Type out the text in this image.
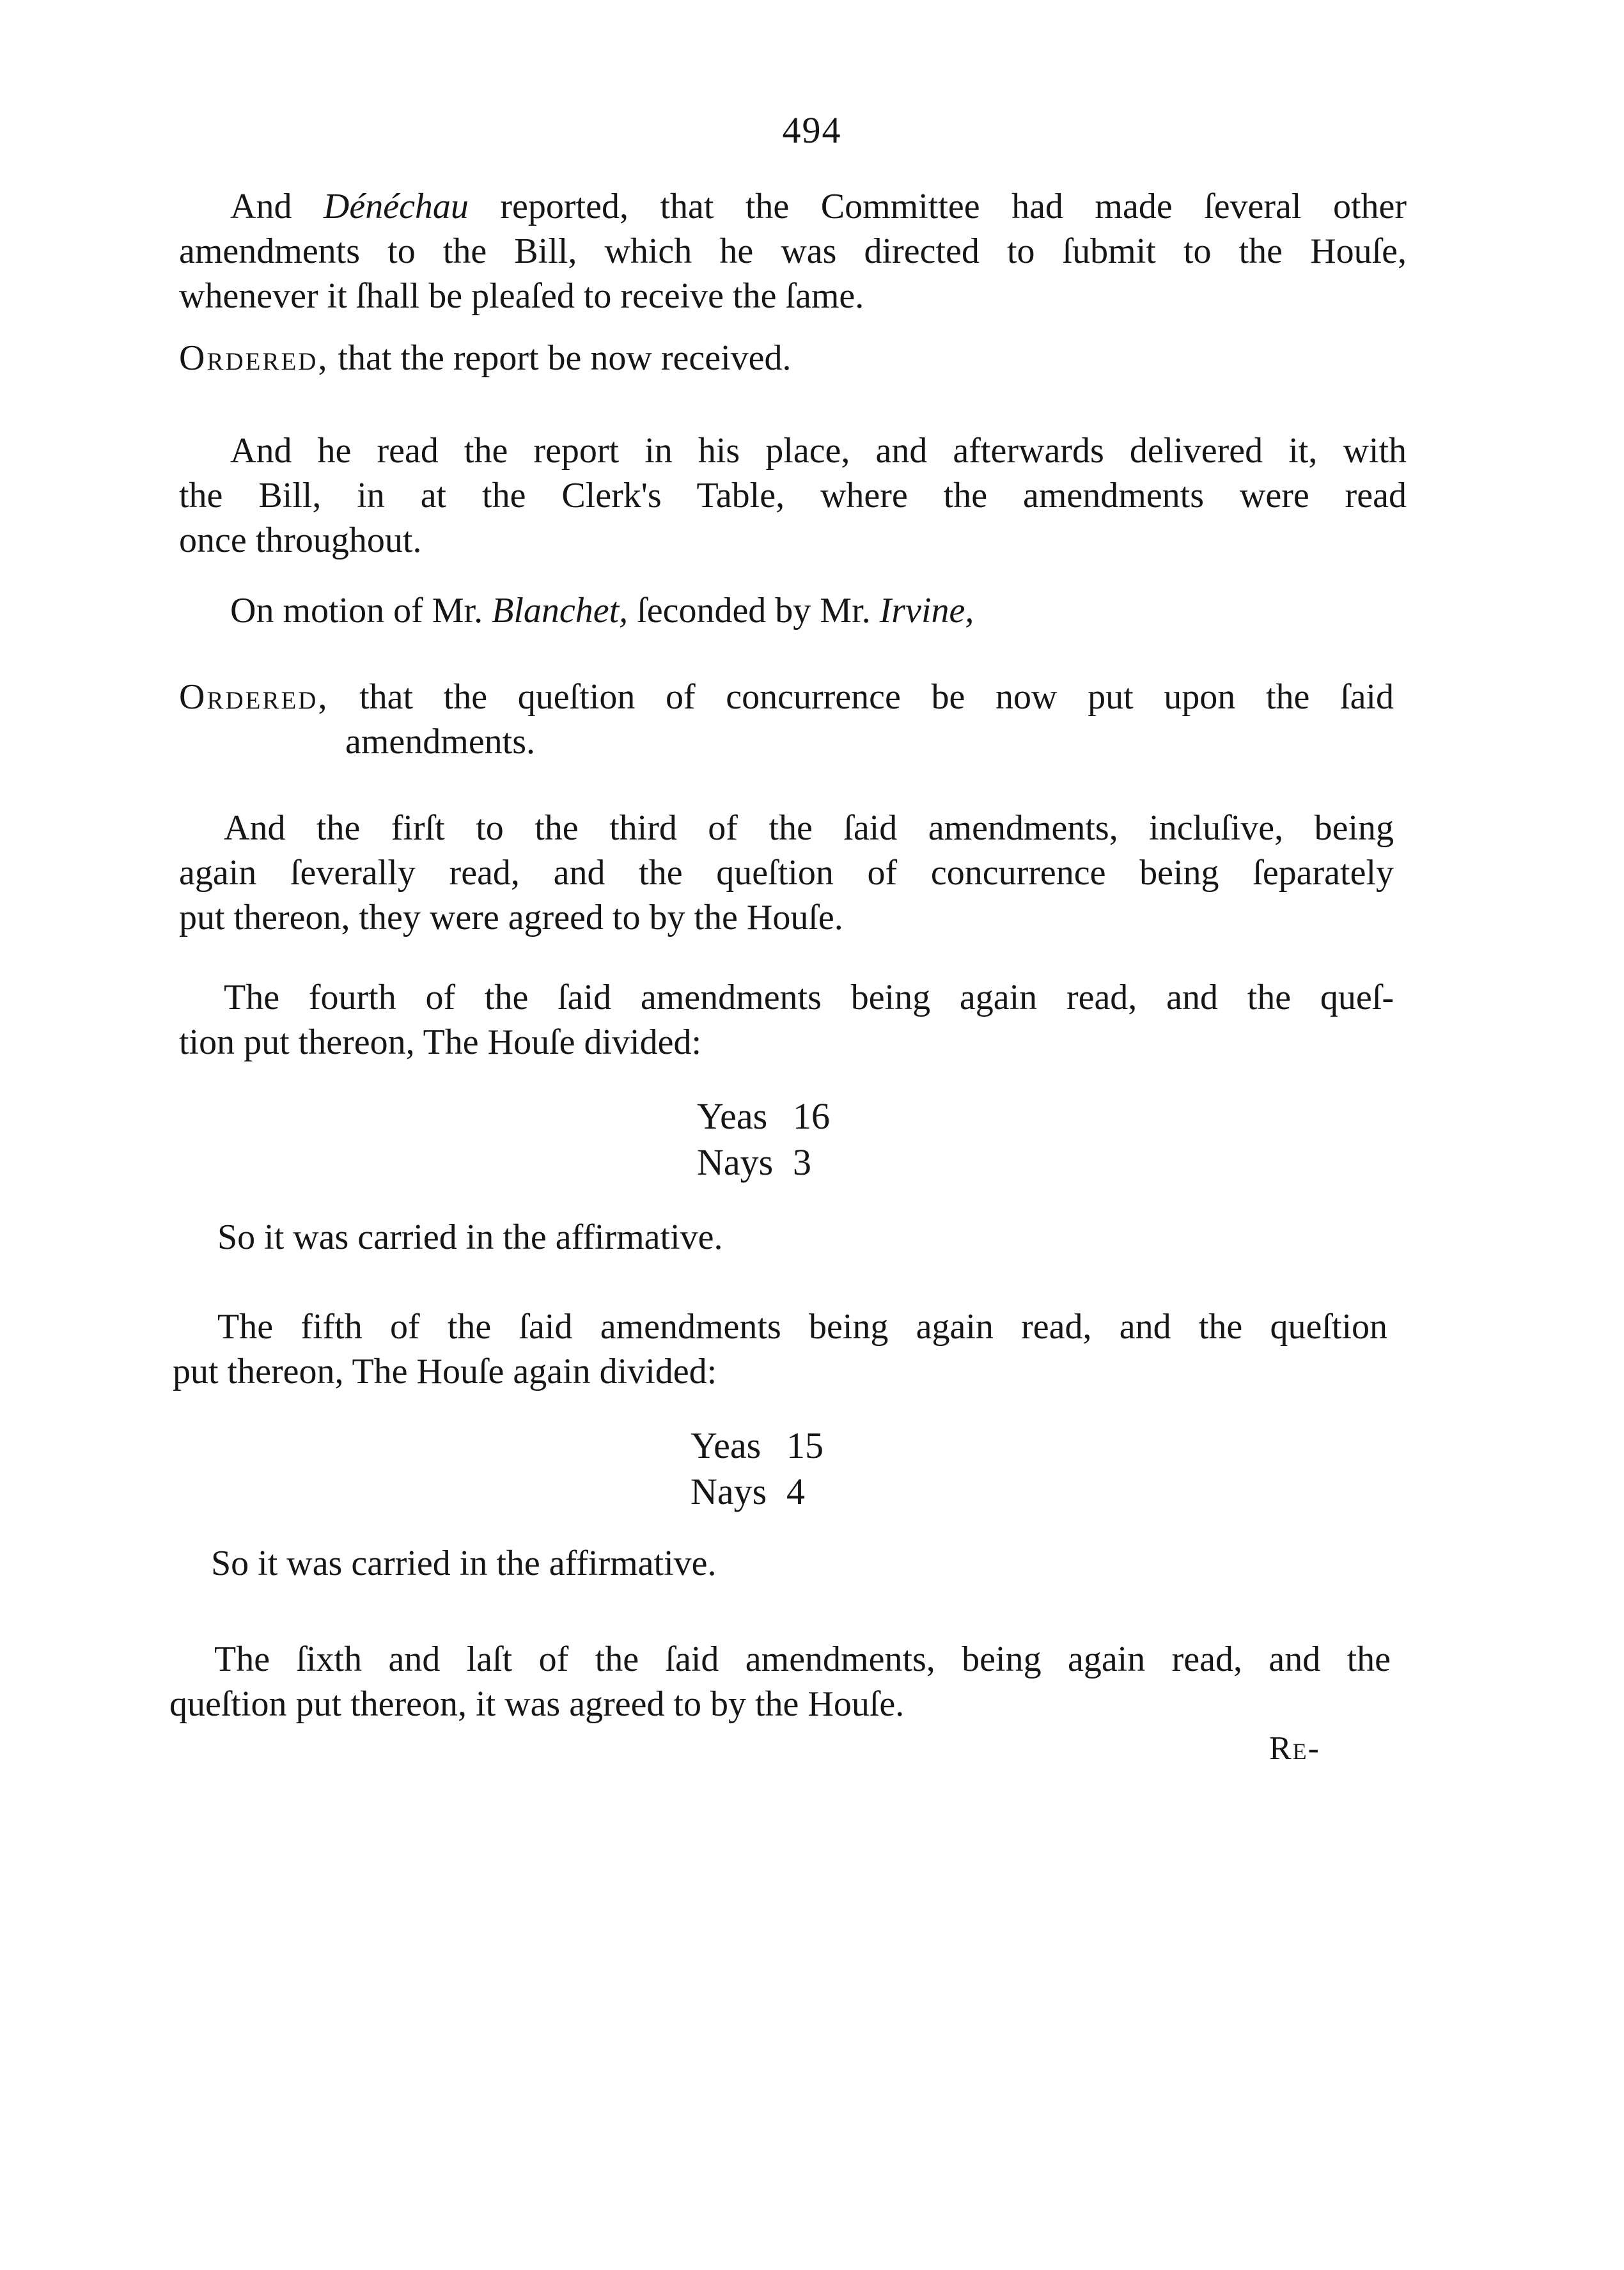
494
And Dénéchau reported, that the Committee had made ſeveral other
amendments to the Bill, which he was directed to ſubmit to the Houſe,
whenever it ſhall be pleaſed to receive the ſame.
Ordered, that the report be now received.
And he read the report in his place, and afterwards delivered it, with
the Bill, in at the Clerk's Table, where the amendments were read
once throughout.
On motion of Mr. Blanchet, ſeconded by Mr. Irvine,
Ordered, that the queſtion of concurrence be now put upon the ſaid
amendments.
And the firſt to the third of the ſaid amendments, incluſive, being
again ſeverally read, and the queſtion of concurrence being ſeparately
put thereon, they were agreed to by the Houſe.
The fourth of the ſaid amendments being again read, and the queſ-
tion put thereon, The Houſe divided:
Yeas 16
Nays 3
So it was carried in the affirmative.
The fifth of the ſaid amendments being again read, and the queſtion
put thereon, The Houſe again divided:
Yeas 15
Nays 4
So it was carried in the affirmative.
The ſixth and laſt of the ſaid amendments, being again read, and the
queſtion put thereon, it was agreed to by the Houſe.
Re-
